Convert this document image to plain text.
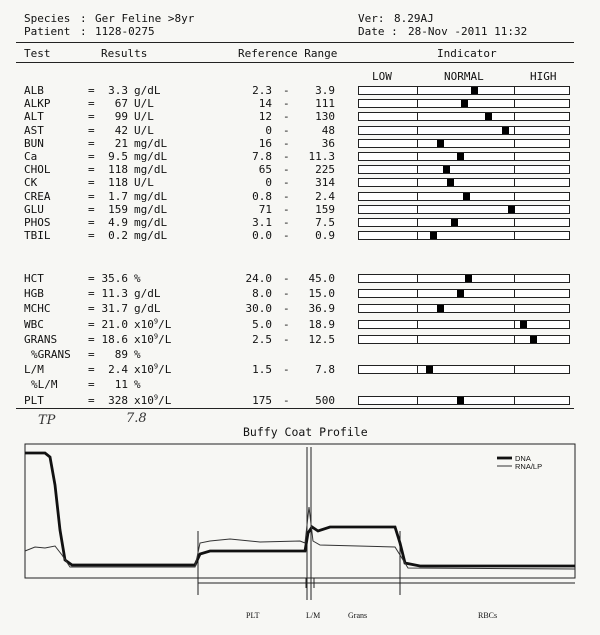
Species : Ger Feline >8yr
Patient : 1128-0275
Ver: 8.29AJ
Date : 28-Nov -2011 11:32
Test	Results	Reference Range	Indicator
LOW	NORMAL	HIGH
ALB	=	3.3 g/dL	2.3 -	3.9
ALKP	=	67 U/L	14 -	111
ALT	=	99 U/L	12 -	130
AST	=	42 U/L	0 -	48
BUN	=	21 mg/dL	16 -	36
Ca	=	9.5 mg/dL	7.8 -	11.3
CHOL	=	118 mg/dL	65 -	225
CK	=	118 U/L	0 -	314
CREA	=	1.7 mg/dL	0.8 -	2.4
GLU	=	159 mg/dL	71 -	159
PHOS	=	4.9 mg/dL	3.1 -	7.5
TBIL	=	0.2 mg/dL	0.0 -	0.9
HCT	= 35.6 %	24.0 -	45.0
HGB	= 11.3 g/dL	8.0 -	15.0
MCHC	= 31.7 g/dL	30.0 -	36.9
WBC	= 21.0 $x10^9/L$	5.0 -	18.9
GRANS	= 18.6 $x10^9/L$	2.5 -	12.5
%GRANS =	89 %
L/M	=	2.4 $x10^9/L$	1.5 -	7.8
%L/M	=	11 %
PLT	=	328 $x10^9/L$	175 -	500
TP	7.8
Buffy Coat Profile
DNA
RNA/LP
PLT	L/M	Grans	RBCs
